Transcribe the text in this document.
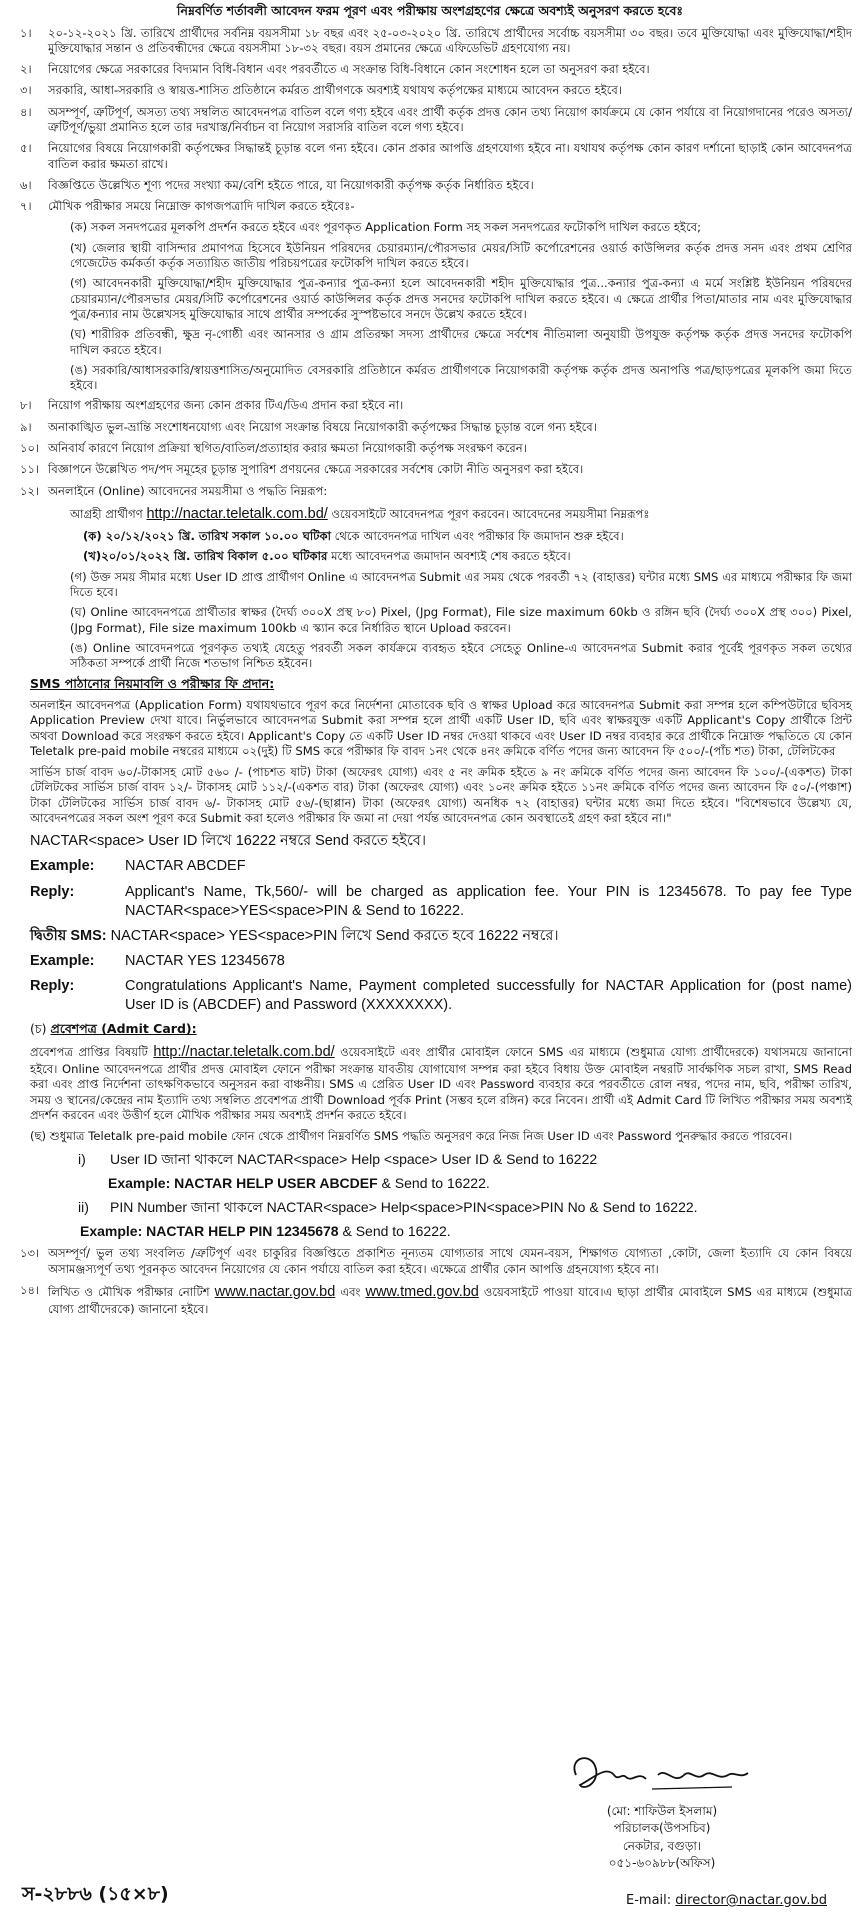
নিম্নবর্ণিত শর্তাবলী আবেদন ফরম পূরণ এবং পরীক্ষায় অংশগ্রহণের ক্ষেত্রে অবশ্যই অনুসরণ করতে হবেঃ
১।	২০-১২-২০২১ খ্রি. তারিখে প্রার্থীদের সর্বনিম্ন বয়সসীমা ১৮ বছর এবং ২৫-০৩-২০২০ খ্রি. তারিখে প্রার্থীদের সর্বোচ্চ বয়সসীমা ৩০ বছর। তবে মুক্তিযোদ্ধা এবং মুক্তিযোদ্ধা/শহীদ মুক্তিযোদ্ধার সন্তান ও প্রতিবন্ধীদের ক্ষেত্রে বয়সসীমা ১৮-৩২ বছর। বয়স প্রমানের ক্ষেত্রে এফিডেভিট গ্রহণযোগ্য নয়।
২।	নিয়োগের ক্ষেত্রে সরকারের বিদ্যমান বিধি-বিধান এবং পরবর্তীতে এ সংক্রান্ত বিধি-বিধানে কোন সংশোধন হলে তা অনুসরণ করা হইবে।
৩।	সরকারি, আধা-সরকারি ও স্বায়ত্ত-শাসিত প্রতিষ্ঠানে কর্মরত প্রার্থীগণকে অবশ্যই যথাযথ কর্তৃপক্ষের মাধ্যমে আবেদন করতে হইবে।
৪।	অসম্পূর্ণ, ত্রুটিপূর্ণ, অসত্য তথ্য সম্বলিত আবেদনপত্র বাতিল বলে গণ্য হইবে এবং প্রার্থী কর্তৃক প্রদত্ত কোন তথ্য নিয়োগ কার্যক্রমে যে কোন পর্যায়ে বা নিয়োগদানের পরেও অসত্য/ত্রুটিপূর্ণ/ভুয়া প্রমানিত হলে তার দরখাস্ত/নির্বাচন বা নিয়োগ সরাসরি বাতিল বলে গণ্য হইবে।
৫।	নিয়োগের বিষয়ে নিয়োগকারী কর্তৃপক্ষের সিদ্ধান্তই চূড়ান্ত বলে গন্য হইবে। কোন প্রকার আপত্তি গ্রহণযোগ্য হইবে না। যথাযথ কর্তৃপক্ষ কোন কারণ দর্শানো ছাড়াই কোন আবেদনপত্র বাতিল করার ক্ষমতা রাখে।
৬।	বিজ্ঞপ্তিতে উল্লেখিত শূণ্য পদের সংখ্যা কম/বেশি হইতে পারে, যা নিয়োগকারী কর্তৃপক্ষ কর্তৃক নির্ধারিত হইবে।
৭।	মৌখিক পরীক্ষার সময়ে নিম্নোক্ত কাগজপত্রাদি দাখিল করতে হইবেঃ-
(ক) সকল সনদপত্রের মূলকপি প্রদর্শন করতে হইবে এবং পূরণকৃত Application Form সহ সকল সনদপত্রের ফটোকপি দাখিল করতে হইবে;
(খ) জেলার স্থায়ী বাসিন্দার প্রমাণপত্র হিসেবে ইউনিয়ন পরিষদের চেয়ারম্যান/পৌরসভার মেয়র/সিটি কর্পোরেশনের ওয়ার্ড কাউন্সিলর কর্তৃক প্রদত্ত সনদ এবং প্রথম শ্রেণির গেজেটেড কর্মকর্তা কর্তৃক সত্যায়িত জাতীয় পরিচয়পত্রের ফটোকপি দাখিল করতে হইবে।
(গ) আবেদনকারী মুক্তিযোদ্ধা/শহীদ মুক্তিযোদ্ধার পুত্র-কন্যার পুত্র-কন্যা হলে আবেদনকারী শহীদ মুক্তিযোদ্ধার পুত্র...কন্যার পুত্র-কন্যা এ মর্মে সংশ্লিষ্ট ইউনিয়ন পরিষদের চেয়ারম্যান/পৌরসভার মেয়র/সিটি কর্পোরেশনের ওয়ার্ড কাউন্সিলর কর্তৃক প্রদত্ত সনদের ফটোকপি দাখিল করতে হইবে। এ ক্ষেত্রে প্রার্থীর পিতা/মাতার নাম এবং মুক্তিযোদ্ধার পুত্র/কন্যার নাম উল্লেখসহ মুক্তিযোদ্ধার সাথে প্রার্থীর সম্পর্কের সুস্পষ্টভাবে সনদে উল্লেখ করতে হইবে।
(ঘ) শারীরিক প্রতিবন্ধী, ক্ষুদ্র নৃ-গোষ্ঠী এবং আনসার ও গ্রাম প্রতিরক্ষা সদস্য প্রার্থীদের ক্ষেত্রে সর্বশেষ নীতিমালা অনুযায়ী উপযুক্ত কর্তৃপক্ষ কর্তৃক প্রদত্ত সনদের ফটোকপি দাখিল করতে হইবে।
(ঙ) সরকারি/আধাসরকারি/স্বায়ত্তশাসিত/অনুমোদিত বেসরকারি প্রতিষ্ঠানে কর্মরত প্রার্থীগণকে নিয়োগকারী কর্তৃপক্ষ কর্তৃক প্রদত্ত অনাপত্তি পত্র/ছাড়পত্রের মূলকপি জমা দিতে হইবে।
৮।	নিয়োগ পরীক্ষায় অংশগ্রহণের জন্য কোন প্রকার টিএ/ডিএ প্রদান করা হইবে না।
৯।	অনাকাঙ্খিত ভুল-ভ্রান্তি সংশোধনযোগ্য এবং নিয়োগ সংক্রান্ত বিষয়ে নিয়োগকারী কর্তৃপক্ষের সিদ্ধান্ত চূড়ান্ত বলে গন্য হইবে।
১০। অনিবার্য কারণে নিয়োগ প্রক্রিয়া স্থগিত/বাতিল/প্রত্যাহার করার ক্ষমতা নিয়োগকারী কর্তৃপক্ষ সংরক্ষণ করেন।
১১। বিজ্ঞাপনে উল্লেখিত পদ/পদ সমূহের চূড়ান্ত সুপারিশ প্রণয়নের ক্ষেত্রে সরকারের সর্বশেষ কোটা নীতি অনুসরণ করা হইবে।
১২। অনলাইনে (Online) আবেদনের সময়সীমা ও পদ্ধতি নিম্নরূপ:
আগ্রহী প্রার্থীগণ http://nactar.teletalk.com.bd/ ওয়েবসাইটে আবেদনপত্র পূরণ করবেন। আবেদনের সময়সীমা নিম্নরূপঃ
(ক) ২০/১২/২০২১ খ্রি. তারিখ সকাল ১০.০০ ঘটিকা থেকে আবেদনপত্র দাখিল এবং পরীক্ষার ফি জমাদান শুরু হইবে।
(খ)২০/০১/২০২২ খ্রি. তারিখ বিকাল ৫.০০ ঘটিকার মধ্যে আবেদনপত্র জমাদান অবশ্যই শেষ করতে হইবে।
(গ) উক্ত সময় সীমার মধ্যে User ID প্রাপ্ত প্রার্থীগণ Online এ আবেদনপত্র Submit এর সময় থেকে পরবর্তী ৭২ (বাহাত্তর) ঘন্টার মধ্যে SMS এর মাধ্যমে পরীক্ষার ফি জমা দিতে হবে।
(ঘ) Online আবেদনপত্রে প্রার্থীতার স্বাক্ষর (দৈর্ঘ্য ৩০০X প্রস্থ ৮০) Pixel, (Jpg Format), File size maximum 60kb ও রঙ্গিন ছবি (দৈর্ঘ্য ৩০০X প্রস্থ ৩০০) Pixel, (Jpg Format), File size maximum 100kb এ স্ক্যান করে নির্ধারিত স্থানে Upload করবেন।
(ঙ) Online আবেদনপত্রে পূরণকৃত তথ্যই যেহেতু পরবর্তী সকল কার্যক্রমে ব্যবহৃত হইবে সেহেতু Online-এ আবেদনপত্র Submit করার পূর্বেই পূরণকৃত সকল তথ্যের সঠিকতা সম্পর্কে প্রার্থী নিজে শতভাগ নিশ্চিত হইবেন।
SMS পাঠানোর নিয়মাবলি ও পরীক্ষার ফি প্রদান:
অনলাইন আবেদনপত্র (Application Form) যথাযথভাবে পূরণ করে নির্দেশনা মোতাবেক ছবি ও স্বাক্ষর Upload করে আবেদনপত্র Submit করা সম্পন্ন হলে কম্পিউটারে ছবিসহ Application Preview দেখা যাবে। নির্ভুলভাবে আবেদনপত্র Submit করা সম্পন্ন হলে প্রার্থী একটি User ID, ছবি এবং স্বাক্ষরযুক্ত একটি Applicant's Copy প্রার্থীকে প্রিন্ট অথবা Download করে সংরক্ষণ করতে হইবে। Applicant's Copy তে একটি User ID নম্বর দেওয়া থাকবে এবং User ID নম্বর ব্যবহার করে প্রার্থীকে নিম্নোক্ত পদ্ধতিতে যে কোন Teletalk pre-paid mobile নম্বরের মাধ্যমে ০২(দুই) টি SMS করে পরীক্ষার ফি বাবদ ১নং থেকে ৪নং ক্রমিকে বর্ণিত পদের জন্য আবেদন ফি ৫০০/-(পাঁচ শত) টাকা, টেলিটকের
সার্ভিস চার্জ বাবদ ৬০/-টাকাসহ মোট ৫৬০ /- (পাচশত ষাট) টাকা (অফেরৎ যোগ্য) এবং ৫ নং ক্রমিক হইতে ৯ নং ক্রমিকে বর্ণিত পদের জন্য আবেদন ফি ১০০/-(একশত) টাকা টেলিটকের সার্ভিস চার্জ বাবদ ১২/- টাকাসহ মোট ১১২/-(একশত বার) টাকা (অফেরৎ যোগ্য) এবং ১০নং ক্রমিক হইতে ১১নং ক্রমিকে বর্ণিত পদের জন্য আবেদন ফি ৫০/-(পঞ্চাশ) টাকা টেলিটকের সার্ভিস চার্জ বাবদ ৬/- টাকাসহ মোট ৫৬/-(ছাপ্পান) টাকা (অফেরৎ যোগ্য) অনধিক ৭২ (বাহাত্তর) ঘন্টার মধ্যে জমা দিতে হইবে। "বিশেষভাবে উল্লেখ্য যে, আবেদনপত্রের সকল অংশ পূরণ করে Submit করা হলেও পরীক্ষার ফি জমা না দেয়া পর্যন্ত আবেদনপত্র কোন অবস্থাতেই গ্রহণ করা হইবে না।"
NACTAR<space> User ID লিখে 16222 নম্বরে Send করতে হইবে।
Example:	NACTAR ABCDEF
Reply:	Applicant's Name, Tk,560/- will be charged as application fee. Your PIN is 12345678. To pay fee Type NACTAR<space>YES<space>PIN & Send to 16222.
দ্বিতীয় SMS: NACTAR<space> YES<space>PIN লিখে Send করতে হবে 16222 নম্বরে।
Example:	NACTAR YES 12345678
Reply:	Congratulations Applicant's Name, Payment completed successfully for NACTAR Application for (post name) User ID is (ABCDEF) and Password (XXXXXXXX).
(চ) প্রবেশপত্র (Admit Card):
প্রবেশপত্র প্রাপ্তির বিষয়টি http://nactar.teletalk.com.bd/ ওয়েবসাইটে এবং প্রার্থীর মোবাইল ফোনে SMS এর মাধ্যমে (শুধুমাত্র যোগ্য প্রার্থীদেরকে) যথাসময়ে জানানো হইবে। Online আবেদনপত্রে প্রার্থীর প্রদত্ত মোবাইল ফোনে পরীক্ষা সংক্রান্ত যাবতীয় যোগাযোগ সম্পন্ন করা হইবে বিধায় উক্ত মোবাইল নম্বরটি সার্বক্ষণিক সচল রাখা, SMS Read করা এবং প্রাপ্ত নির্দেশনা তাৎক্ষণিকভাবে অনুসরন করা বাঞ্চনীয়। SMS এ প্রেরিত User ID এবং Password ব্যবহার করে পরবর্তীতে রোল নম্বর, পদের নাম, ছবি, পরীক্ষা তারিখ, সময় ও স্থানের/কেন্দ্রের নাম ইত্যাদি তথ্য সম্বলিত প্রবেশপত্র প্রার্থী Download পূর্বক Print (সম্ভব হলে রঙ্গিন) করে নিবেন। প্রার্থী এই Admit Card টি লিখিত পরীক্ষার সময় অবশ্যই প্রদর্শন করবেন এবং উত্তীর্ণ হলে মৌখিক পরীক্ষার সময় অবশ্যই প্রদর্শন করতে হইবে।
(ছ) শুধুমাত্র Teletalk pre-paid mobile ফোন থেকে প্রার্থীগণ নিম্নবর্ণিত SMS পদ্ধতি অনুসরণ করে নিজ নিজ User ID এবং Password পুনরুদ্ধার করতে পারবেন।
i)	User ID জানা থাকলে NACTAR<space> Help <space> User ID & Send to 16222
Example: NACTAR HELP USER ABCDEF & Send to 16222.
ii)	PIN Number জানা থাকলে NACTAR<space> Help<space>PIN<space>PIN No & Send to 16222.
Example: NACTAR HELP PIN 12345678 & Send to 16222.
১৩। অসম্পূর্ণ/ ভুল তথ্য সংবলিত /ত্রুটিপূর্ণ এবং চাকুরির বিজ্ঞপ্তিতে প্রকাশিত নূন্যতম যোগ্যতার সাথে যেমন-বয়স, শিক্ষাগত যোগ্যতা ,কোটা, জেলা ইত্যাদি যে কোন বিষয়ে অসামঞ্জস্যপূর্ণ তথ্য পূরনকৃত আবেদন নিয়োগের যে কোন পর্যায়ে বাতিল করা হইবে। এক্ষেত্রে প্রার্থীর কোন আপত্তি গ্রহনযোগ্য হইবে না।
১৪। লিখিত ও মৌখিক পরীক্ষার নোটিশ www.nactar.gov.bd এবং www.tmed.gov.bd ওয়েবসাইটে পাওয়া যাবে।এ ছাড়া প্রার্থীর মোবাইলে SMS এর মাধ্যমে (শুধুমাত্র যোগ্য প্রার্থীদেরকে) জানানো হইবে।
(মো: শাফিউল ইসলাম)
পরিচালক(উপসচিব)
নেকটার, বগুড়া।
০৫১-৬০৯৮৮(অফিস)
স-২৮৮৬ (১৫×৮)	E-mail: director@nactar.gov.bd
